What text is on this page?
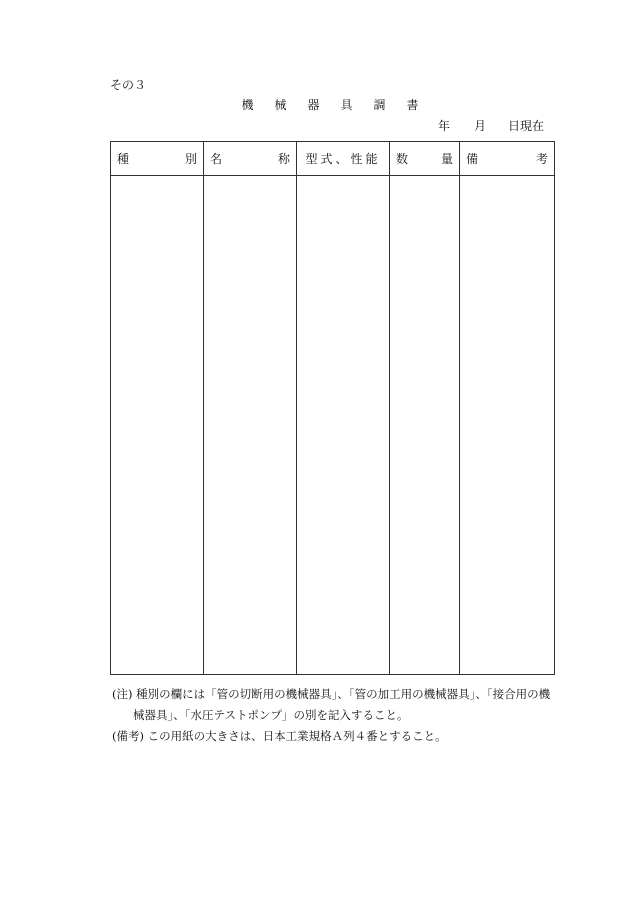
その３
機械器具調書
年 月 日現在
種 別	名 称	型式、性能	数 量	備 考

(注) 種別の欄には「管の切断用の機械器具」、「管の加工用の機械器具」、「接合用の機
械器具」、「水圧テストポンプ」の別を記入すること。
(備考) この用紙の大きさは、日本工業規格Ａ列４番とすること。
